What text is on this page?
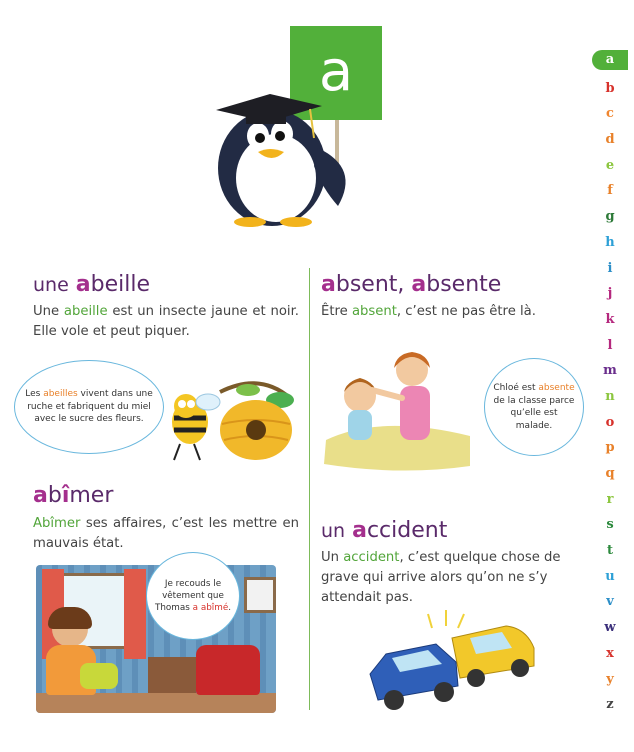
a	a
b
c
d
e
f
g
h
i
j
k
l
m
n
o
p
q
r
s
t
u
v
w
x
y
z
une abeille
Une abeille est un insecte jaune et noir. Elle vole et peut piquer.
Les abeilles vivent dans une ruche et fabriquent du miel avec le sucre des fleurs.
abîmer
Abîmer ses affaires, c’est les mettre en mauvais état.
Je recouds le vêtement que Thomas a abîmé.
absent, absente
Être absent, c’est ne pas être là.
Chloé est absente de la classe parce qu’elle est malade.
un accident
Un accident, c’est quelque chose de grave qui arrive alors qu’on ne s’y attendait pas.
